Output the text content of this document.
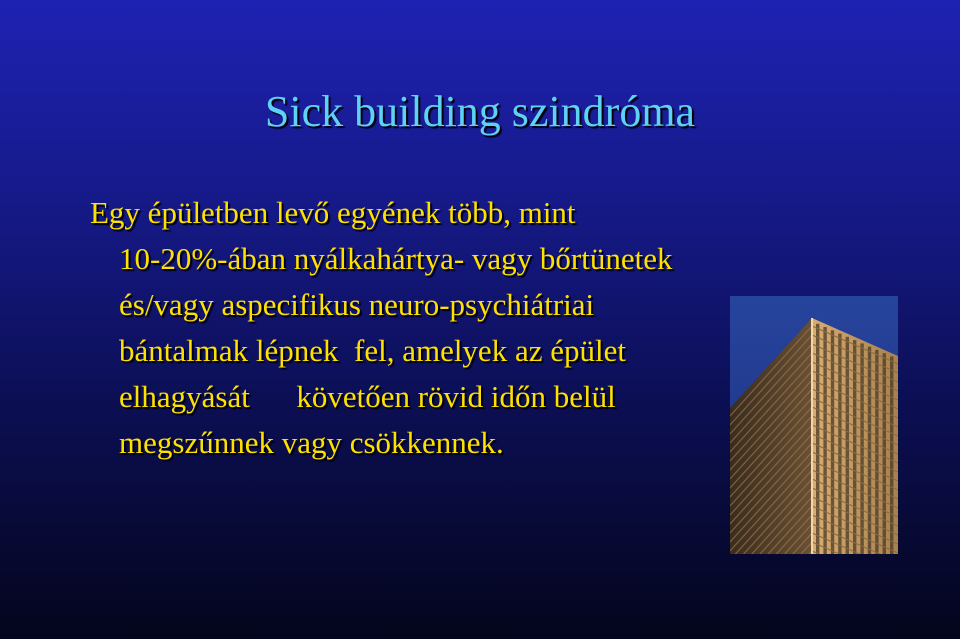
Sick building szindróma

Egy épületben levő egyének több, mint
10-20%-ában nyálkahártya- vagy bőrtünetek
és/vagy aspecifikus neuro-psychiátriai
bántalmak lépnek  fel, amelyek az épület
elhagyását      követően rövid időn belül
megszűnnek vagy csökkennek.
